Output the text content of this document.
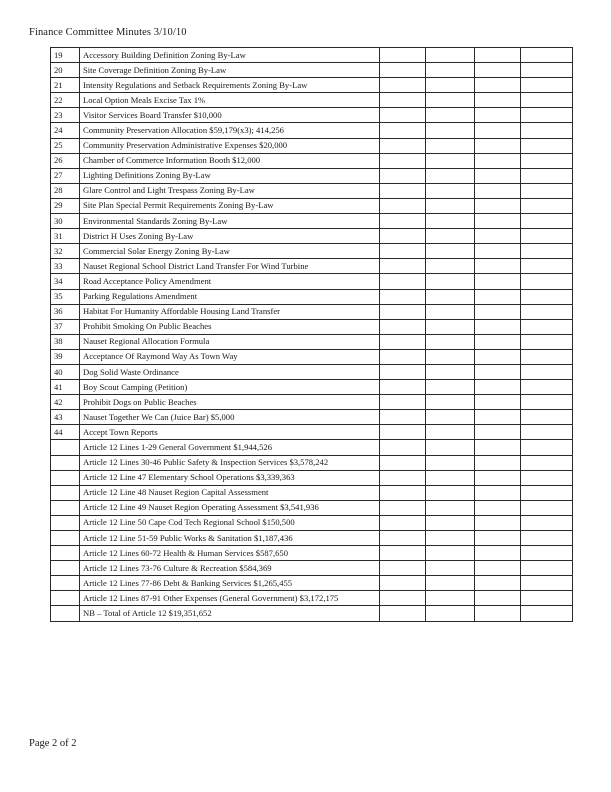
Finance Committee Minutes 3/10/10
19	Accessory Building Definition Zoning By-Law				
20	Site Coverage Definition Zoning By-Law				
21	Intensity Regulations and Setback Requirements Zoning By-Law				
22	Local Option Meals Excise Tax 1%				
23	Visitor Services Board Transfer $10,000				
24	Community Preservation Allocation $59,179(x3); 414,256				
25	Community Preservation Administrative Expenses $20,000				
26	Chamber of Commerce Information Booth $12,000				
27	Lighting Definitions Zoning By-Law				
28	Glare Control and Light Trespass Zoning By-Law				
29	Site Plan Special Permit Requirements Zoning By-Law				
30	Environmental Standards Zoning By-Law				
31	District H Uses Zoning By-Law				
32	Commercial Solar Energy Zoning By-Law				
33	Nauset Regional School District Land Transfer For Wind Turbine				
34	Road Acceptance Policy Amendment				
35	Parking Regulations Amendment				
36	Habitat For Humanity Affordable Housing Land Transfer				
37	Prohibit Smoking On Public Beaches				
38	Nauset Regional Allocation Formula				
39	Acceptance Of Raymond Way As Town Way				
40	Dog Solid Waste Ordinance				
41	Boy Scout Camping (Petition)				
42	Prohibit Dogs on Public Beaches				
43	Nauset Together We Can (Juice Bar) $5,000				
44	Accept Town Reports				
	Article 12 Lines 1-29 General Government $1,944,526				
	Article 12 Lines 30-46 Public Safety & Inspection Services $3,578,242				
	Article 12 Line 47 Elementary School Operations $3,339,363				
	Article 12 Line 48 Nauset Region Capital Assessment				
	Article 12 Line 49 Nauset Region Operating Assessment $3,541,936				
	Article 12 Line 50 Cape Cod Tech Regional School $150,500				
	Article 12 Line 51-59 Public Works & Sanitation $1,187,436				
	Article 12 Lines 60-72 Health & Human Services $587,650				
	Article 12 Lines 73-76 Culture & Recreation $584,369				
	Article 12 Lines 77-86 Debt & Banking Services $1,265,455				
	Article 12 Lines 87-91 Other Expenses (General Government) $3,172,175				
	NB – Total of Article 12 $19,351,652				
Page 2 of 2
